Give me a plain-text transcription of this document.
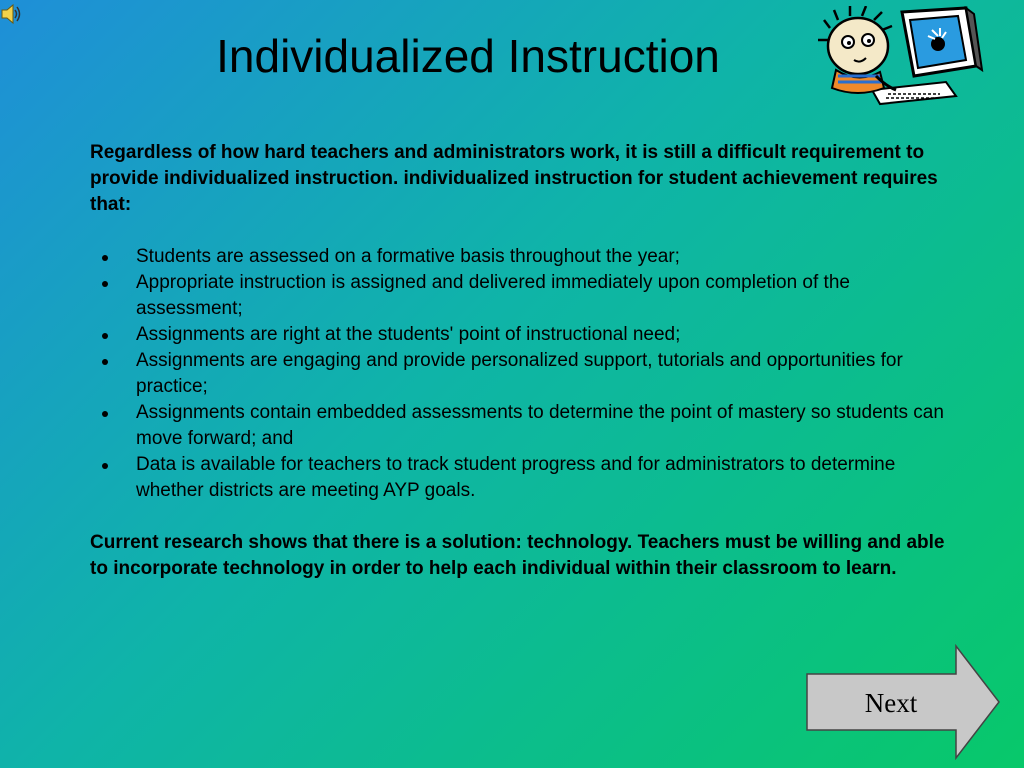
Individualized Instruction

Regardless of how hard teachers and administrators work, it is still a difficult requirement to provide individualized instruction. individualized instruction for student achievement requires that:

Students are assessed on a formative basis throughout the year;
Appropriate instruction is assigned and delivered immediately upon completion of the assessment;
Assignments are right at the students' point of instructional need;
Assignments are engaging and provide personalized support, tutorials and opportunities for practice;
Assignments contain embedded assessments to determine the point of mastery so students can move forward; and
Data is available for teachers to track student progress and for administrators to determine whether districts are meeting AYP goals.

Current research shows that there is a solution: technology. Teachers must be willing and able to incorporate technology in order to help each individual within their classroom to learn.

Next
